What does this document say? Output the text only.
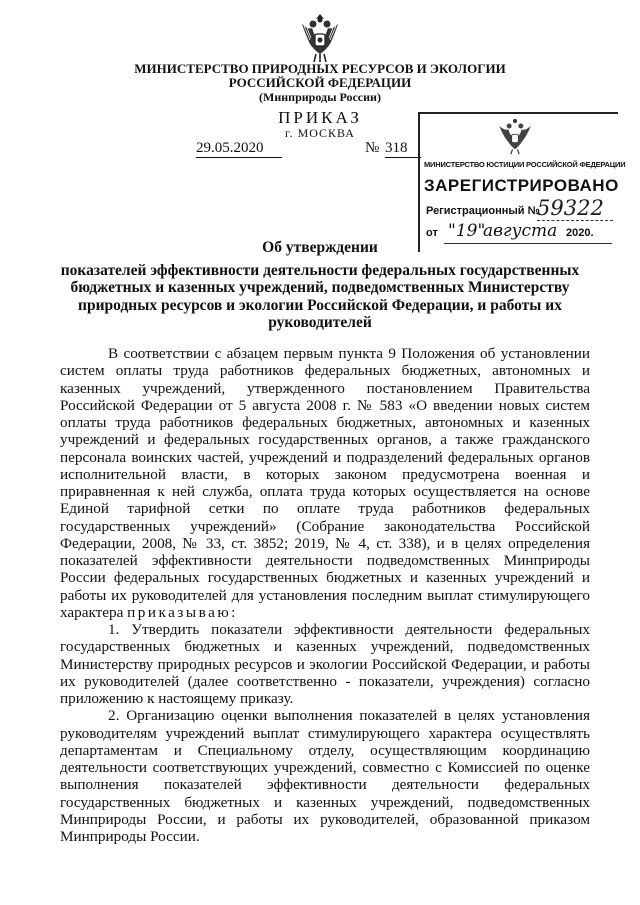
МИНИСТЕРСТВО ПРИРОДНЫХ РЕСУРСОВ И ЭКОЛОГИИ
РОССИЙСКОЙ ФЕДЕРАЦИИ
(Минприроды России)
ПРИКАЗ
г. МОСКВА
29.05.2020	№ 318
МИНИСТЕРСТВО ЮСТИЦИИ РОССИЙСКОЙ ФЕДЕРАЦИИ
ЗАРЕГИСТРИРОВАНО
Регистрационный №
59322
от "19"
августа 2020.
Об утверждении
показателей эффективности деятельности федеральных государственных бюджетных и казенных учреждений, подведомственных Министерству природных ресурсов и экологии Российской Федерации, и работы их руководителей

В соответствии с абзацем первым пункта 9 Положения об установлении систем оплаты труда работников федеральных бюджетных, автономных и казенных учреждений, утвержденного постановлением Правительства Российской Федерации от 5 августа 2008 г. № 583 «О введении новых систем оплаты труда работников федеральных бюджетных, автономных и казенных учреждений и федеральных государственных органов, а также гражданского персонала воинских частей, учреждений и подразделений федеральных органов исполнительной власти, в которых законом предусмотрена военная и приравненная к ней служба, оплата труда которых осуществляется на основе Единой тарифной сетки по оплате труда работников федеральных государственных учреждений» (Собрание законодательства Российской Федерации, 2008, № 33, ст. 3852; 2019, № 4, ст. 338), и в целях определения показателей эффективности деятельности подведомственных Минприроды России федеральных государственных бюджетных и казенных учреждений и работы их руководителей для установления последним выплат стимулирующего характера приказываю:

1. Утвердить показатели эффективности деятельности федеральных государственных бюджетных и казенных учреждений, подведомственных Министерству природных ресурсов и экологии Российской Федерации, и работы их руководителей (далее соответственно - показатели, учреждения) согласно приложению к настоящему приказу.

2. Организацию оценки выполнения показателей в целях установления руководителям учреждений выплат стимулирующего характера осуществлять департаментам и Специальному отделу, осуществляющим координацию деятельности соответствующих учреждений, совместно с Комиссией по оценке выполнения показателей эффективности деятельности федеральных государственных бюджетных и казенных учреждений, подведомственных Минприроды России, и работы их руководителей, образованной приказом Минприроды России.
